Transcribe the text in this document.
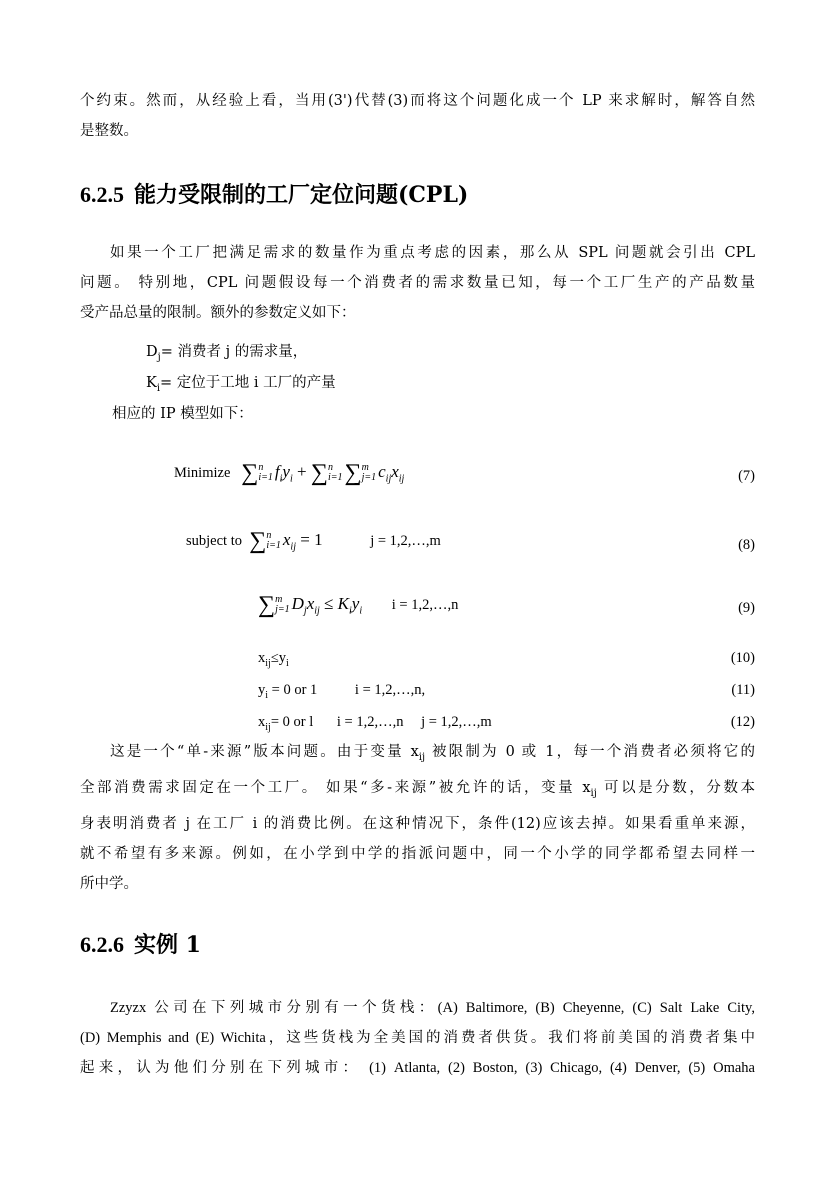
个约束。然而，从经验上看，当用(3')代替(3)而将这个问题化成一个 LP 来求解时，解答自然
是整数。
6.2.5 能力受限制的工厂定位问题(CPL)
如果一个工厂把满足需求的数量作为重点考虑的因素，那么从 SPL 问题就会引出 CPL
问题。 特别地，CPL 问题假设每一个消费者的需求数量已知，每一个工厂生产的产品数量
受产品总量的限制。额外的参数定义如下：
$D_j=$ 消费者 j 的需求量，
$K_i=$ 定位于工地 i 工厂的产量
相应的 IP 模型如下：
Minimize ∑ n
i=1 $f_iy_i$ + ∑ n
i=1 ∑ m
j=1 $c_{ij}x_{ij}$	(7)
subject to ∑ n
i=1 $x_{ij} = 1$	j = 1,2,…,m	(8)
∑ m
j=1 $D_jx_{ij} \le K_iy_i$ i = 1,2,…,n	(9)
$x_{ij}\le y_i$	(10)
$y_i = 0$ or 1	i = 1,2,…,n,	(11)
$x_{ij}= 0$ or l i = 1,2,…,n j = 1,2,…,m	(12)
这是一个“单-来源”版本问题。由于变量 $x_{ij}$ 被限制为 0 或 1，每一个消费者必须将它的
全部消费需求固定在一个工厂。 如果“多-来源”被允许的话，变量 $x_{ij}$ 可以是分数，分数本
身表明消费者 j 在工厂 i 的消费比例。在这种情况下，条件(12)应该去掉。如果看重单来源，
就不希望有多来源。例如，在小学到中学的指派问题中，同一个小学的同学都希望去同样一
所中学。
6.2.6 实例 1
Zzyzx 公司在下列城市分别有一个货栈：(A) Baltimore, (B) Cheyenne, (C) Salt Lake City,
(D) Memphis and (E) Wichita，这些货栈为全美国的消费者供货。我们将前美国的消费者集中
起来，认为他们分别在下列城市： (1) Atlanta, (2) Boston, (3) Chicago, (4) Denver, (5) Omaha
